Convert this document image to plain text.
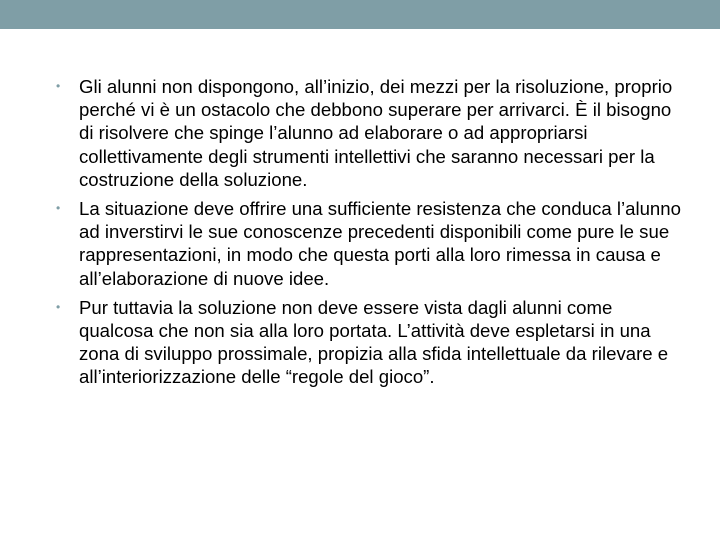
• Gli alunni non dispongono, all’inizio, dei mezzi per la risoluzione, proprio perché vi è un ostacolo che debbono superare per arrivarci. È il bisogno di risolvere che spinge l’alunno ad elaborare o ad appropriarsi collettivamente degli strumenti intellettivi che saranno necessari per la costruzione della soluzione.
• La situazione deve offrire una sufficiente resistenza che conduca l’alunno ad inverstirvi le sue conoscenze precedenti disponibili come pure le sue rappresentazioni, in modo che questa porti alla loro rimessa in causa e all’elaborazione di nuove idee.
• Pur tuttavia la soluzione non deve essere vista dagli alunni come qualcosa che non sia alla loro portata. L’attività deve espletarsi in una zona di sviluppo prossimale, propizia alla sfida intellettuale da rilevare e all’interiorizzazione delle “regole del gioco”.
